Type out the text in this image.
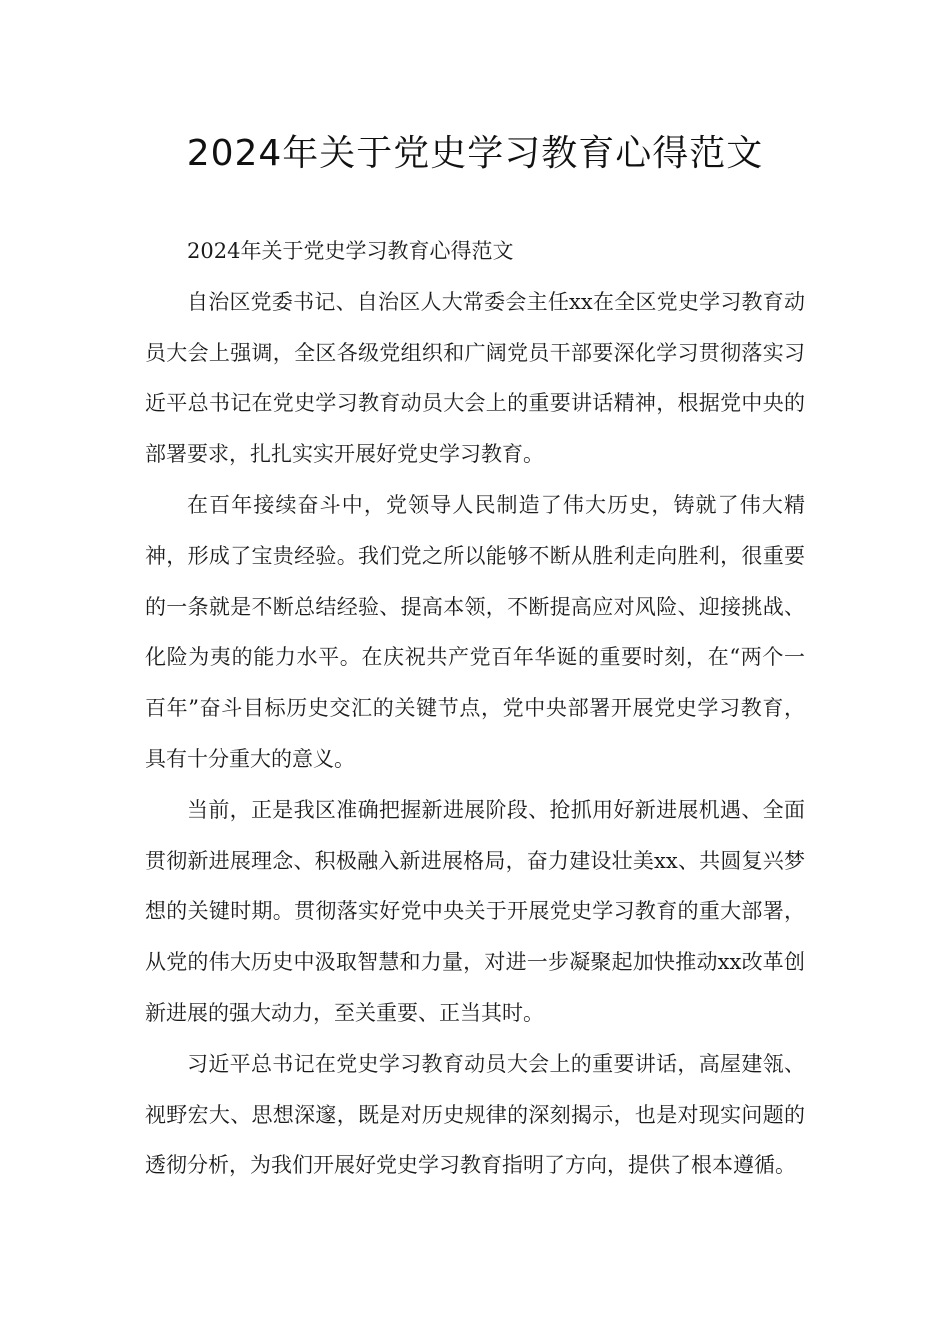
2024年关于党史学习教育心得范文

2024年关于党史学习教育心得范文

自治区党委书记、自治区人大常委会主任xx在全区党史学习教育动员大会上强调，全区各级党组织和广阔党员干部要深化学习贯彻落实习近平总书记在党史学习教育动员大会上的重要讲话精神，根据党中央的部署要求，扎扎实实开展好党史学习教育。

在百年接续奋斗中，党领导人民制造了伟大历史，铸就了伟大精神，形成了宝贵经验。我们党之所以能够不断从胜利走向胜利，很重要的一条就是不断总结经验、提高本领，不断提高应对风险、迎接挑战、化险为夷的能力水平。在庆祝共产党百年华诞的重要时刻，在“两个一百年”奋斗目标历史交汇的关键节点，党中央部署开展党史学习教育，具有十分重大的意义。

当前，正是我区准确把握新进展阶段、抢抓用好新进展机遇、全面贯彻新进展理念、积极融入新进展格局，奋力建设壮美xx、共圆复兴梦想的关键时期。贯彻落实好党中央关于开展党史学习教育的重大部署，从党的伟大历史中汲取智慧和力量，对进一步凝聚起加快推动xx改革创新进展的强大动力，至关重要、正当其时。

习近平总书记在党史学习教育动员大会上的重要讲话，高屋建瓴、视野宏大、思想深邃，既是对历史规律的深刻揭示，也是对现实问题的透彻分析，为我们开展好党史学习教育指明了方向，提供了根本遵循。
